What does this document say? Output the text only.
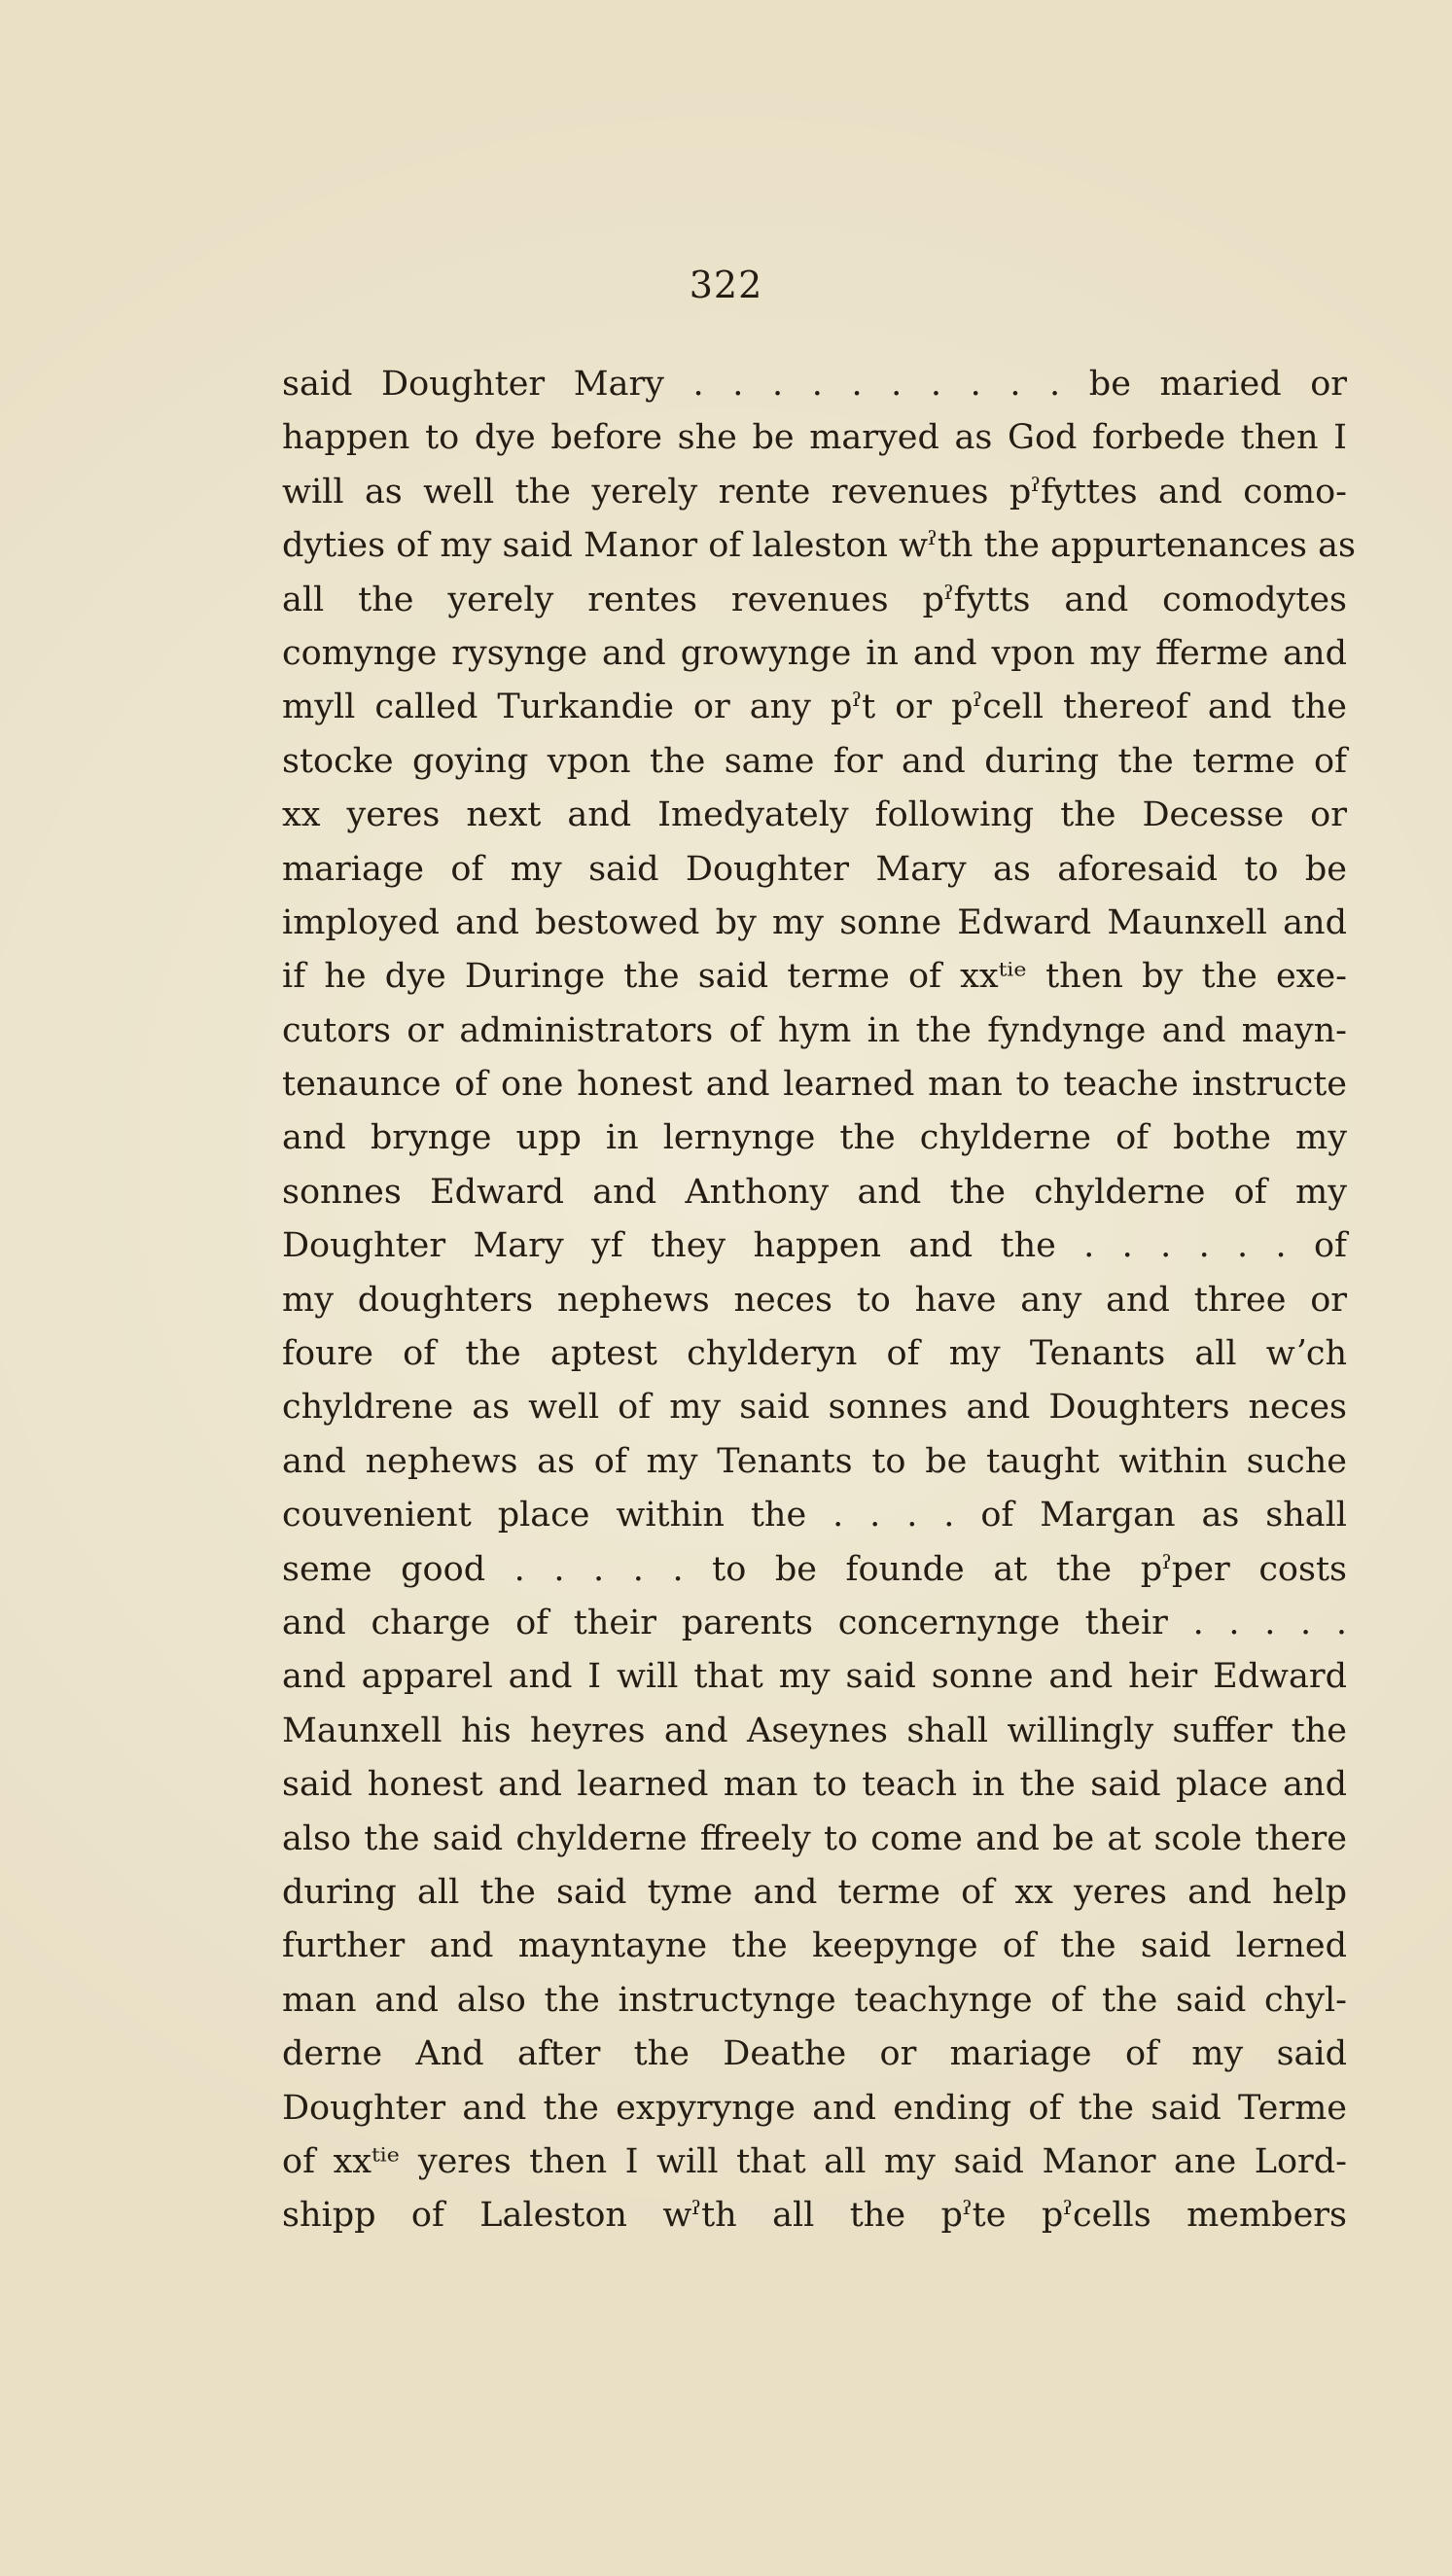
322
said Doughter Mary . . . . . . . . . . be maried or
happen to dye before she be maryed as God forbede then I
will as well the yerely rente revenues pˀfyttes and como-
dyties of my said Manor of laleston wˀth the appurtenances as
all the yerely rentes revenues pˀfytts and comodytes
comynge rysynge and growynge in and vpon my fferme and
myll called Turkandie or any pˀt or pˀcell thereof and the
stocke goying vpon the same for and during the terme of
xx yeres next and Imedyately following the Decesse or
mariage of my said Doughter Mary as aforesaid to be
imployed and bestowed by my sonne Edward Maunxell and
if he dye Duringe the said terme of xxᵗⁱᵉ then by the exe-
cutors or administrators of hym in the fyndynge and mayn-
tenaunce of one honest and learned man to teache instructe
and brynge upp in lernynge the chylderne of bothe my
sonnes Edward and Anthony and the chylderne of my
Doughter Mary yf they happen and the . . . . . . of
my doughters nephews neces to have any and three or
foure of the aptest chylderyn of my Tenants all wʼch
chyldrene as well of my said sonnes and Doughters neces
and nephews as of my Tenants to be taught within suche
couvenient place within the . . . . of Margan as shall
seme good . . . . . to be founde at the pˀper costs
and charge of their parents concernynge their . . . . .
and apparel and I will that my said sonne and heir Edward
Maunxell his heyres and Aseynes shall willingly suffer the
said honest and learned man to teach in the said place and
also the said chylderne ffreely to come and be at scole there
during all the said tyme and terme of xx yeres and help
further and mayntayne the keepynge of the said lerned
man and also the instructynge teachynge of the said chyl-
derne And after the Deathe or mariage of my said
Doughter and the expyrynge and ending of the said Terme
of xxᵗⁱᵉ yeres then I will that all my said Manor ane Lord-
shipp of Laleston wˀth all the pˀte pˀcells members
